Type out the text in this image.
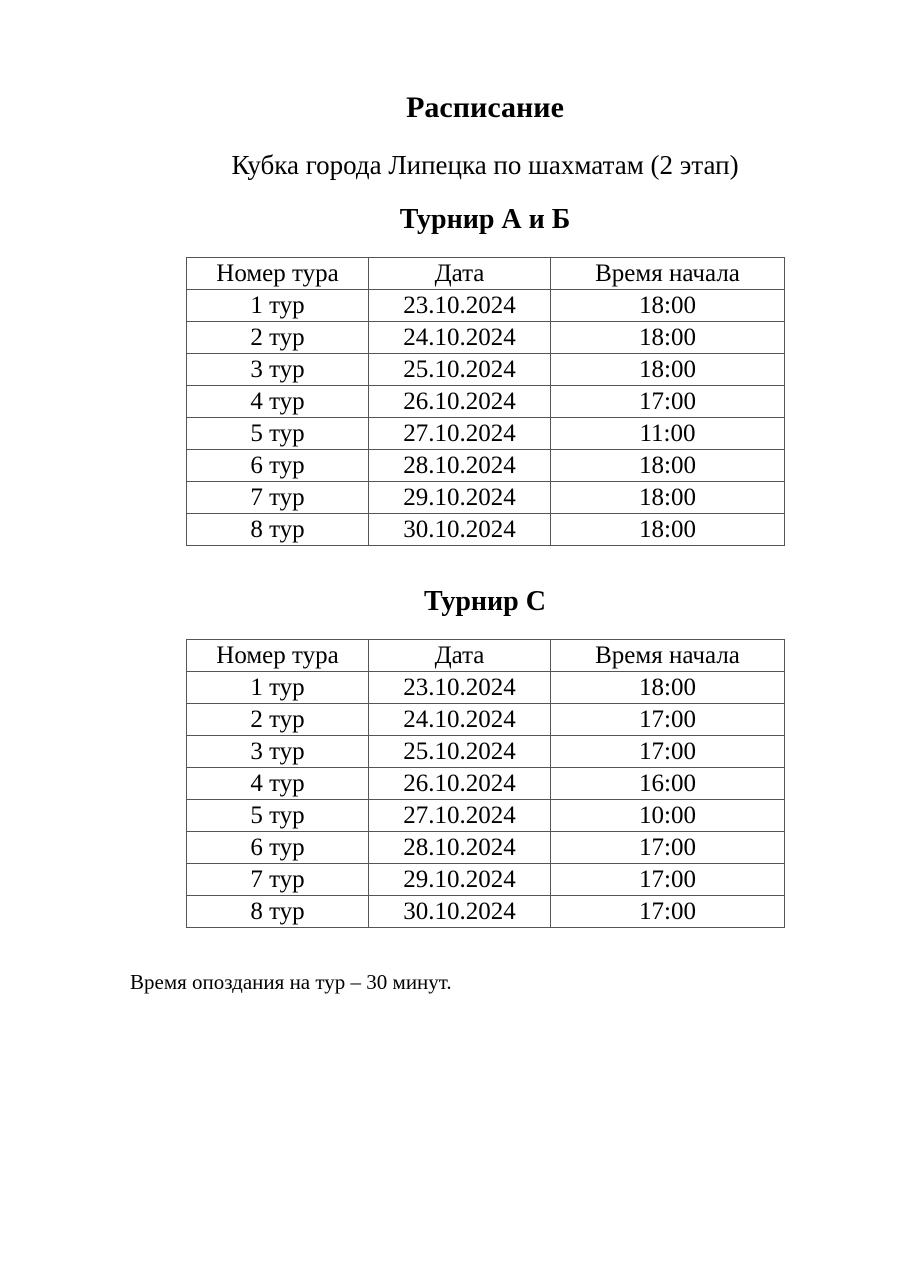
Расписание
Кубка города Липецка по шахматам (2 этап)
Турнир А и Б
Номер тура	Дата	Время начала
1 тур	23.10.2024	18:00
2 тур	24.10.2024	18:00
3 тур	25.10.2024	18:00
4 тур	26.10.2024	17:00
5 тур	27.10.2024	11:00
6 тур	28.10.2024	18:00
7 тур	29.10.2024	18:00
8 тур	30.10.2024	18:00
Турнир С
Номер тура	Дата	Время начала
1 тур	23.10.2024	18:00
2 тур	24.10.2024	17:00
3 тур	25.10.2024	17:00
4 тур	26.10.2024	16:00
5 тур	27.10.2024	10:00
6 тур	28.10.2024	17:00
7 тур	29.10.2024	17:00
8 тур	30.10.2024	17:00
Время опоздания на тур – 30 минут.
